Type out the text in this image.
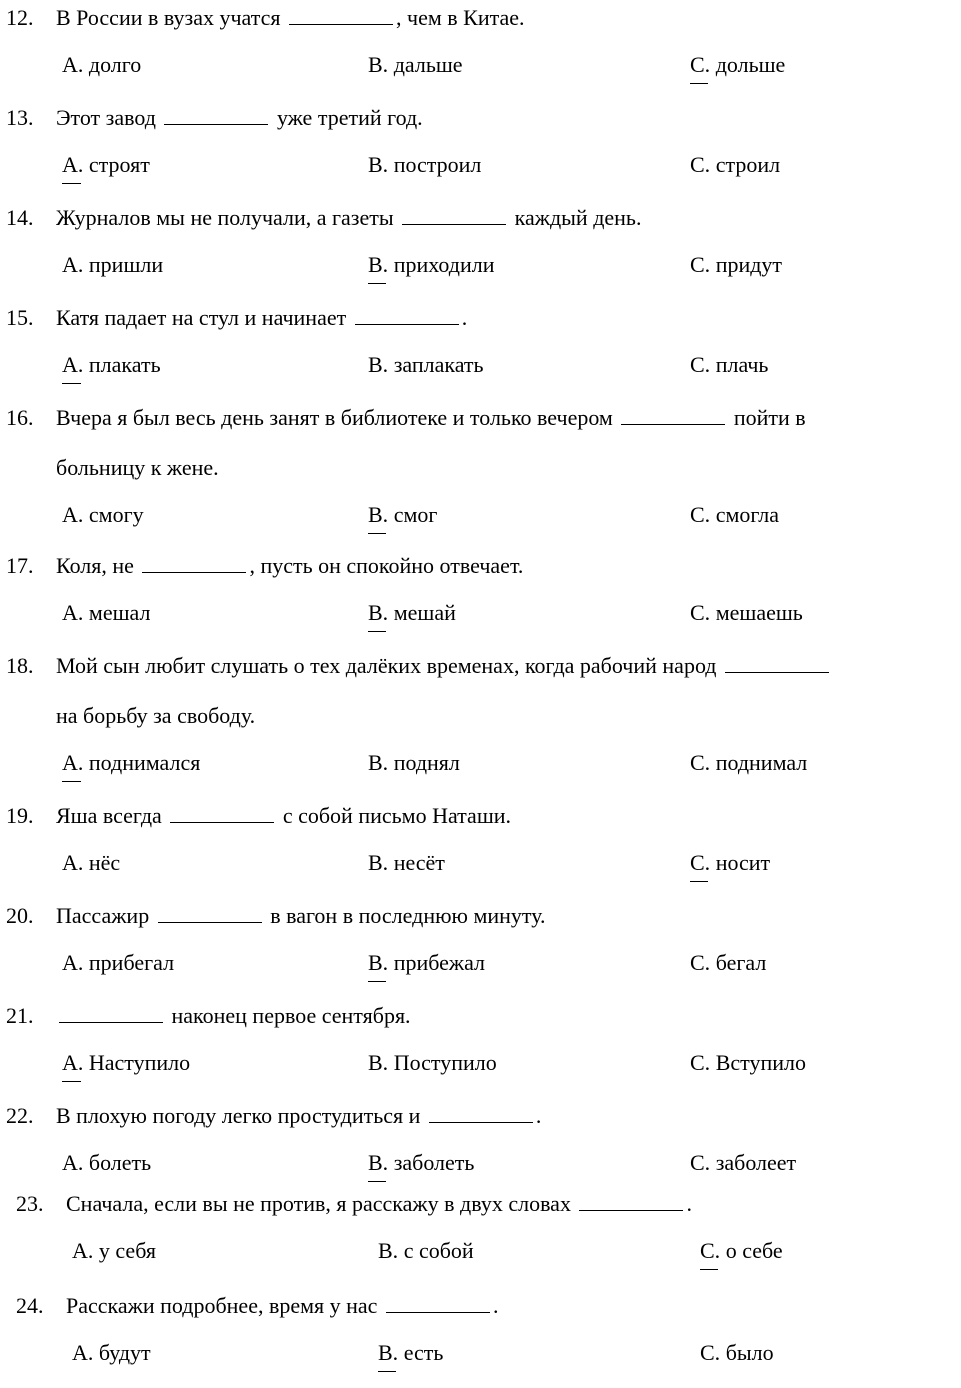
12. В России в вузах учатся	, чем в Китае.
A. долго	B. дальше	C. дольше
13. Этот завод	уже третий год.
A. строят	B. построил	C. строил
14. Журналов мы не получали, а газеты	каждый день.
A. пришли	B. приходили	C. придут
15. Катя падает на стул и начинает	.
A. плакать	B. заплакать	C. плачь
16. Вчера я был весь день занят в библиотеке и только вечером	пойти в
больницу к жене.
A. смогу	B. смог	C. смогла
17. Коля, не	, пусть он спокойно отвечает.
A. мешал	B. мешай	C. мешаешь
18. Мой сын любит слушать о тех далёких временах, когда рабочий народ
на борьбу за свободу.
A. поднимался	B. поднял	C. поднимал
19. Яша всегда	с собой письмо Наташи.
A. нёс	B. несёт	C. носит
20. Пассажир	в вагон в последнюю минуту.
A. прибегал	B. прибежал	C. бегал
21.	наконец первое сентября.
A. Наступило	B. Поступило	C. Вступило
22. В плохую погоду легко простудиться и	.
A. болеть	B. заболеть	C. заболеет
23. Сначала, если вы не против, я расскажу в двух словах	.
A. у себя	B. с собой	C. о себе
24. Расскажи подробнее, время у нас	.
A. будут	B. есть	C. было
